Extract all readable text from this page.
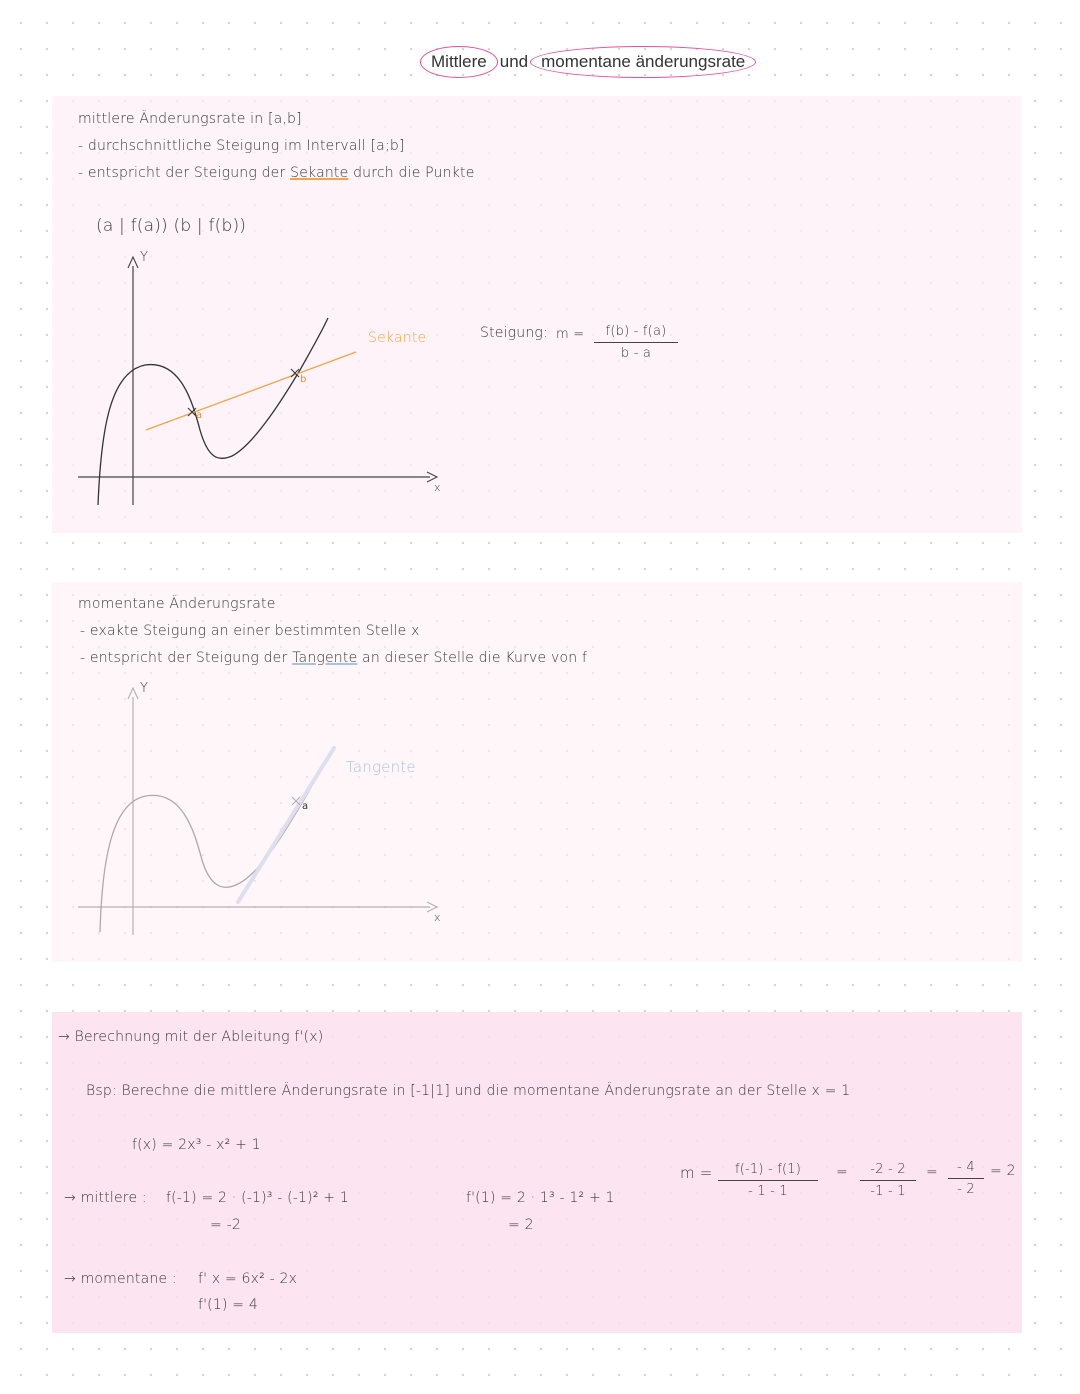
Mittlere und momentane änderungsrate
mittlere Änderungsrate in [a,b]
- durchschnittliche Steigung im Intervall [a;b]
- entspricht der Steigung der Sekante durch die Punkte
(a | f(a)) (b | f(b))
Y
x
a
b
Sekante	Steigung: m =	f(b) - f(a)
b - a
momentane Änderungsrate
- exakte Steigung an einer bestimmten Stelle x
- entspricht der Steigung der Tangente an dieser Stelle die Kurve von f
Y
x
a
Tangente
→ Berechnung mit der Ableitung f'(x)
Bsp: Berechne die mittlere Änderungsrate in [-1|1] und die momentane Änderungsrate an der Stelle x = 1
f(x) = 2x³ - x² + 1
→ mittlere : f(-1) = 2 · (-1)³ - (-1)² + 1
= -2
f'(1) = 2 · 1³ - 1² + 1
= 2
m =	f(-1) - f(1)
- 1 - 1
=	-2 - 2
-1 - 1
=	- 4
- 2
= 2
→ momentane : f' x = 6x² - 2x
f'(1) = 4
